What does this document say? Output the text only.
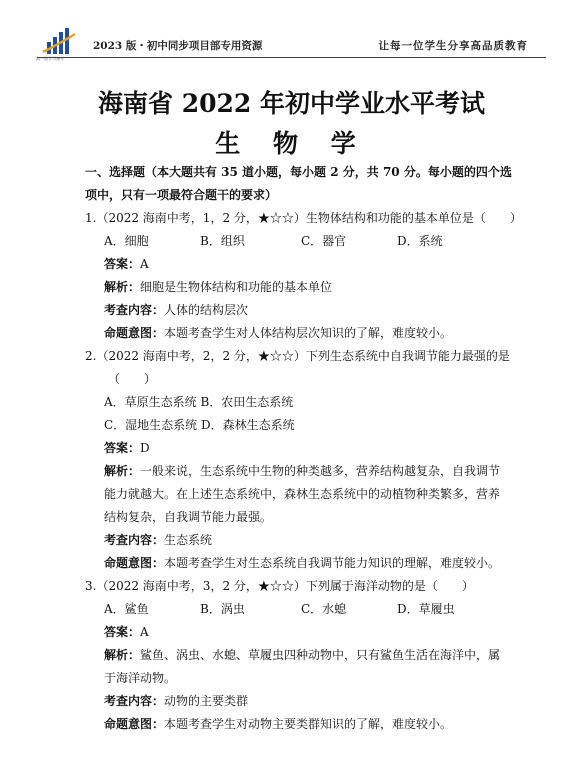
高一级学习备考
2023 版・初中同步项目部专用资源	让每一位学生分享高品质教育
海南省 2022 年初中学业水平考试
生 物 学
一、选择题（本大题共有 35 道小题，每小题 2 分，共 70 分。每小题的四个选
项中，只有一项最符合题干的要求）
1.（2022 海南中考，1，2 分，★☆☆）生物体结构和功能的基本单位是（　　）
A．细胞	B．组织	C．器官	D．系统
答案：A
解析：细胞是生物体结构和功能的基本单位
考查内容：人体的结构层次
命题意图：本题考查学生对人体结构层次知识的了解，难度较小。
2.（2022 海南中考，2，2 分，★☆☆）下列生态系统中自我调节能力最强的是
（　　）
A．草原生态系统 B．农田生态系统
C．湿地生态系统 D．森林生态系统
答案：D
解析：一般来说，生态系统中生物的种类越多，营养结构越复杂，自我调节
能力就越大。在上述生态系统中，森林生态系统中的动植物种类繁多，营养
结构复杂，自我调节能力最强。
考查内容：生态系统
命题意图：本题考查学生对生态系统自我调节能力知识的理解，难度较小。
3.（2022 海南中考，3，2 分，★☆☆）下列属于海洋动物的是（　　）
A．鲨鱼	B．涡虫	C．水螅	D．草履虫
答案：A
解析：鲨鱼、涡虫、水螅、草履虫四种动物中，只有鲨鱼生活在海洋中，属
于海洋动物。
考查内容：动物的主要类群
命题意图：本题考查学生对动物主要类群知识的了解，难度较小。
